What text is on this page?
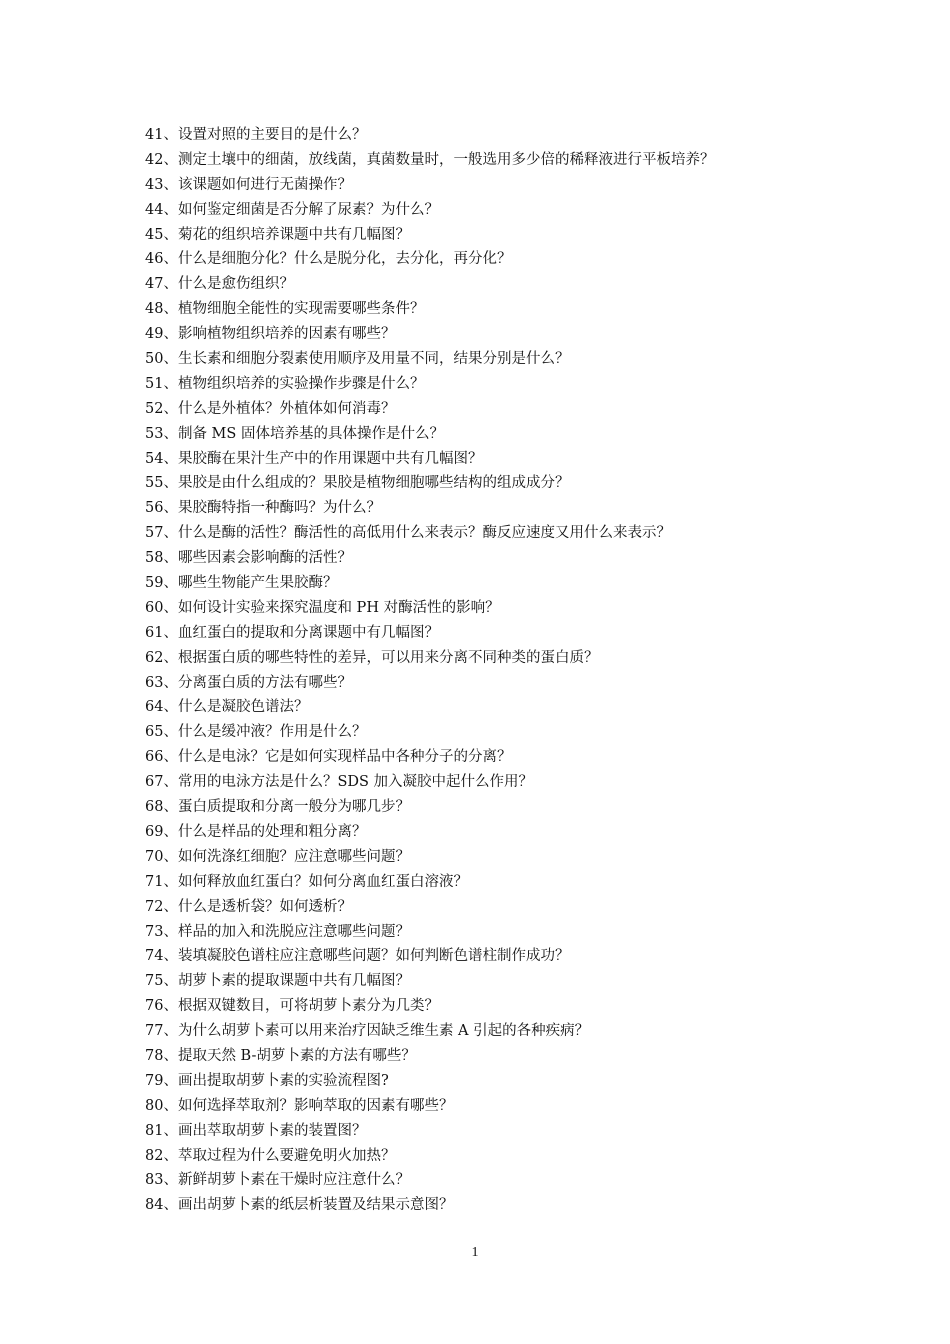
41、设置对照的主要目的是什么？
42、测定土壤中的细菌，放线菌，真菌数量时，一般选用多少倍的稀释液进行平板培养？
43、该课题如何进行无菌操作？
44、如何鉴定细菌是否分解了尿素？为什么？
45、菊花的组织培养课题中共有几幅图？
46、什么是细胞分化？什么是脱分化，去分化，再分化？
47、什么是愈伤组织？
48、植物细胞全能性的实现需要哪些条件？
49、影响植物组织培养的因素有哪些？
50、生长素和细胞分裂素使用顺序及用量不同，结果分别是什么？
51、植物组织培养的实验操作步骤是什么？
52、什么是外植体？外植体如何消毒？
53、制备 MS 固体培养基的具体操作是什么？
54、果胶酶在果汁生产中的作用课题中共有几幅图？
55、果胶是由什么组成的？果胶是植物细胞哪些结构的组成成分？
56、果胶酶特指一种酶吗？为什么？
57、什么是酶的活性？酶活性的高低用什么来表示？酶反应速度又用什么来表示？
58、哪些因素会影响酶的活性？
59、哪些生物能产生果胶酶？
60、如何设计实验来探究温度和 PH 对酶活性的影响？
61、血红蛋白的提取和分离课题中有几幅图？
62、根据蛋白质的哪些特性的差异，可以用来分离不同种类的蛋白质？
63、分离蛋白质的方法有哪些？
64、什么是凝胶色谱法？
65、什么是缓冲液？作用是什么？
66、什么是电泳？它是如何实现样品中各种分子的分离？
67、常用的电泳方法是什么？SDS 加入凝胶中起什么作用？
68、蛋白质提取和分离一般分为哪几步？
69、什么是样品的处理和粗分离？
70、如何洗涤红细胞？应注意哪些问题？
71、如何释放血红蛋白？如何分离血红蛋白溶液？
72、什么是透析袋？如何透析？
73、样品的加入和洗脱应注意哪些问题？
74、装填凝胶色谱柱应注意哪些问题？如何判断色谱柱制作成功？
75、胡萝卜素的提取课题中共有几幅图？
76、根据双键数目，可将胡萝卜素分为几类？
77、为什么胡萝卜素可以用来治疗因缺乏维生素 A 引起的各种疾病？
78、提取天然 B-胡萝卜素的方法有哪些？
79、画出提取胡萝卜素的实验流程图?
80、如何选择萃取剂？影响萃取的因素有哪些？
81、画出萃取胡萝卜素的装置图？
82、萃取过程为什么要避免明火加热？
83、新鲜胡萝卜素在干燥时应注意什么？
84、画出胡萝卜素的纸层析装置及结果示意图？
1
